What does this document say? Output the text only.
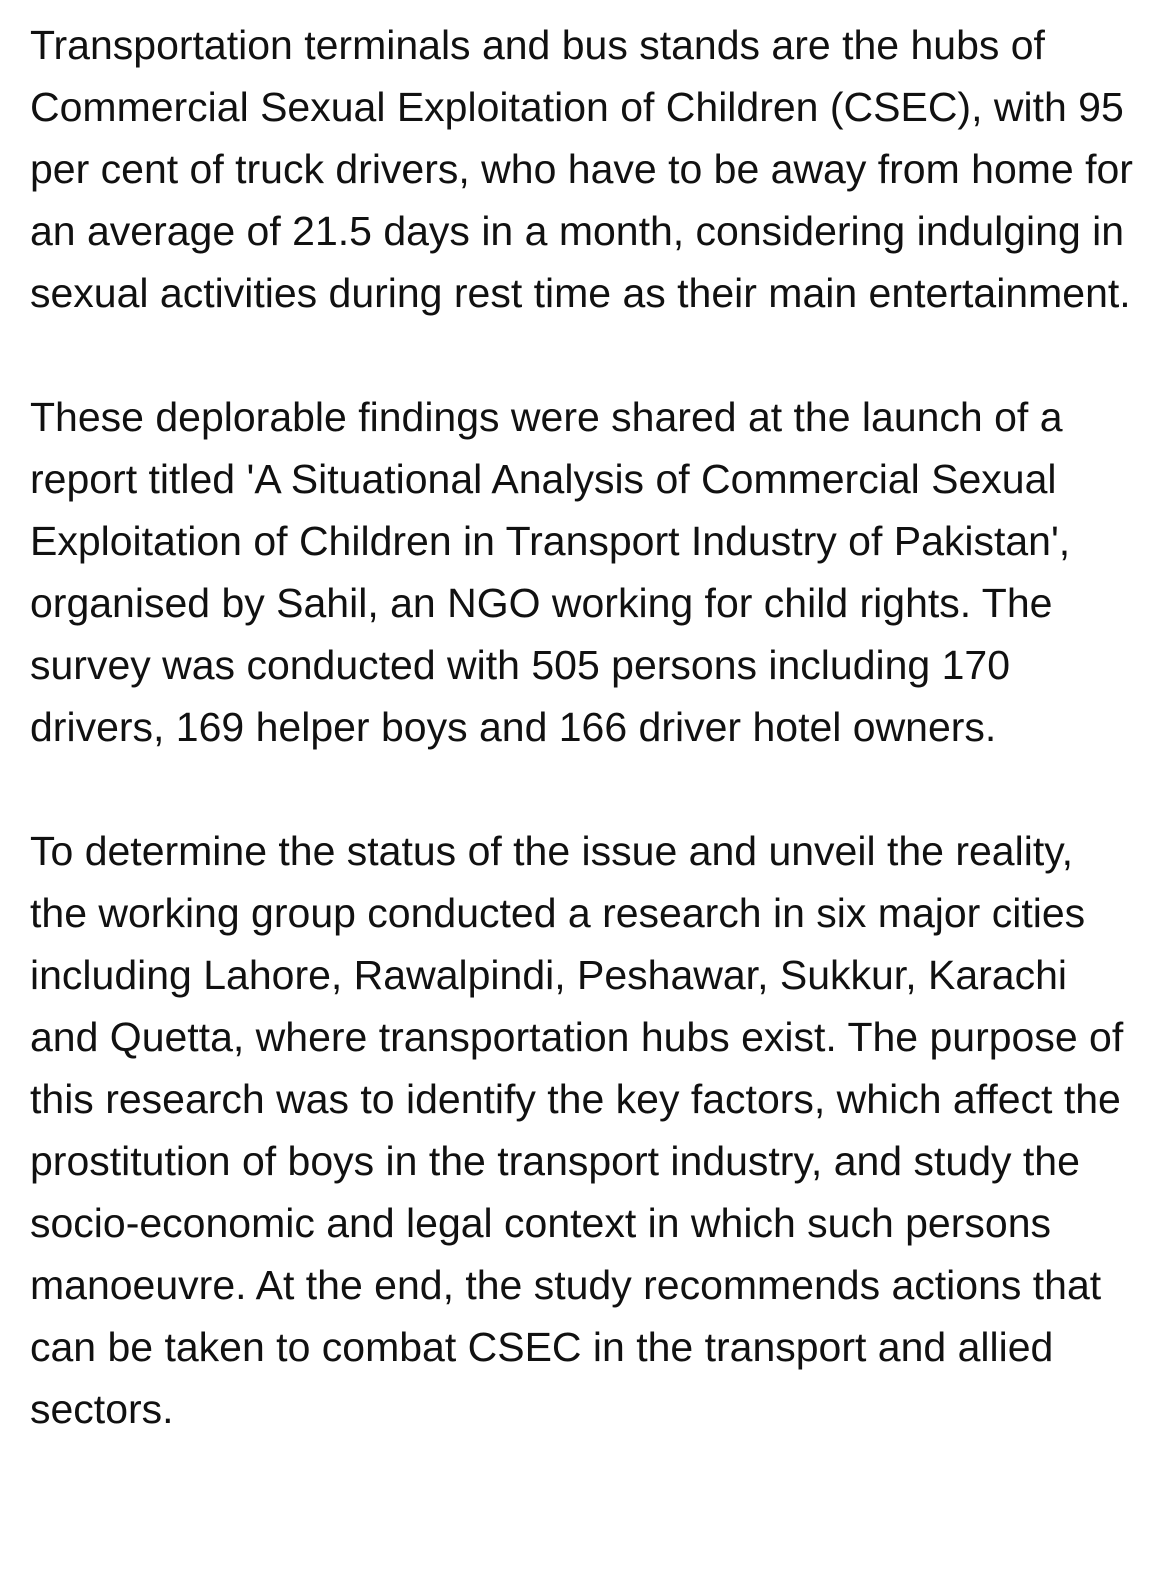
Transportation terminals and bus stands are the hubs of Commercial Sexual Exploitation of Children (CSEC), with 95 per cent of truck drivers, who have to be away from home for an average of 21.5 days in a month, considering indulging in sexual activities during rest time as their main entertainment.

These deplorable findings were shared at the launch of a report titled 'A Situational Analysis of Commercial Sexual Exploitation of Children in Transport Industry of Pakistan', organised by Sahil, an NGO working for child rights. The survey was conducted with 505 persons including 170 drivers, 169 helper boys and 166 driver hotel owners.

To determine the status of the issue and unveil the reality, the working group conducted a research in six major cities including Lahore, Rawalpindi, Peshawar, Sukkur, Karachi and Quetta, where transportation hubs exist. The purpose of this research was to identify the key factors, which affect the prostitution of boys in the transport industry, and study the socio-economic and legal context in which such persons manoeuvre. At the end, the study recommends actions that can be taken to combat CSEC in the transport and allied sectors.
